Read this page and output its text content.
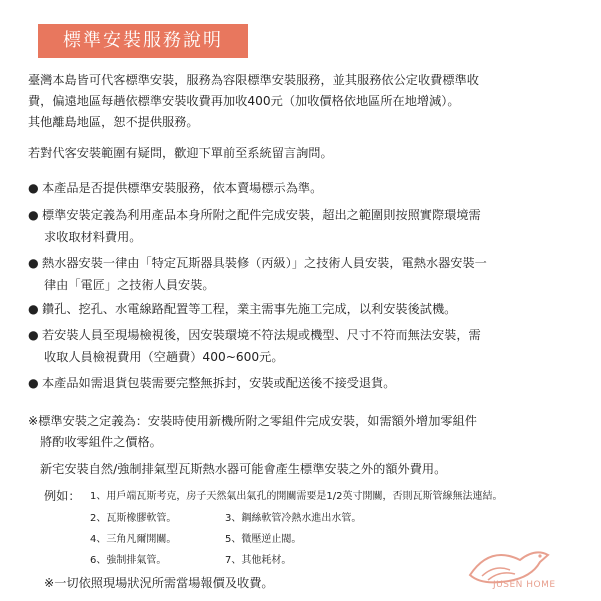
標準安裝服務說明
臺灣本島皆可代客標準安裝，服務為容限標準安裝服務，並其服務依公定收費標準收
費，偏遠地區每趟依標準安裝收費再加收400元（加收價格依地區所在地增減）。
其他離島地區，恕不提供服務。
若對代客安裝範圍有疑問，歡迎下單前至系統留言詢問。
● 本產品是否提供標準安裝服務，依本賣場標示為準。
● 標準安裝定義為利用產品本身所附之配件完成安裝，超出之範圍則按照實際環境需
求收取材料費用。
● 熱水器安裝一律由「特定瓦斯器具裝修（丙級）」之技術人員安裝，電熱水器安裝一
律由「電匠」之技術人員安裝。
● 鑽孔、挖孔、水電線路配置等工程，業主需事先施工完成，以利安裝後試機。
● 若安裝人員至現場檢視後，因安裝環境不符法規或機型、尺寸不符而無法安裝，需
收取人員檢視費用（空趟費）400~600元。
● 本產品如需退貨包裝需要完整無拆封，安裝或配送後不接受退貨。
※標準安裝之定義為：安裝時使用新機所附之零組件完成安裝，如需額外增加零組件
將酌收零組件之價格。
新宅安裝自然/強制排氣型瓦斯熱水器可能會產生標準安裝之外的額外費用。
例如： 1、用戶端瓦斯考克，房子天然氣出氣孔的開關需要是1/2英寸開關，否則瓦斯管線無法連結。
2、瓦斯橡膠軟管。	3、鋼絲軟管冷熱水進出水管。
4、三角凡爾開關。	5、微壓逆止閥。
6、強制排氣管。	7、其他耗材。
※一切依照現場狀況所需當場報價及收費。	JUSEN HOME
